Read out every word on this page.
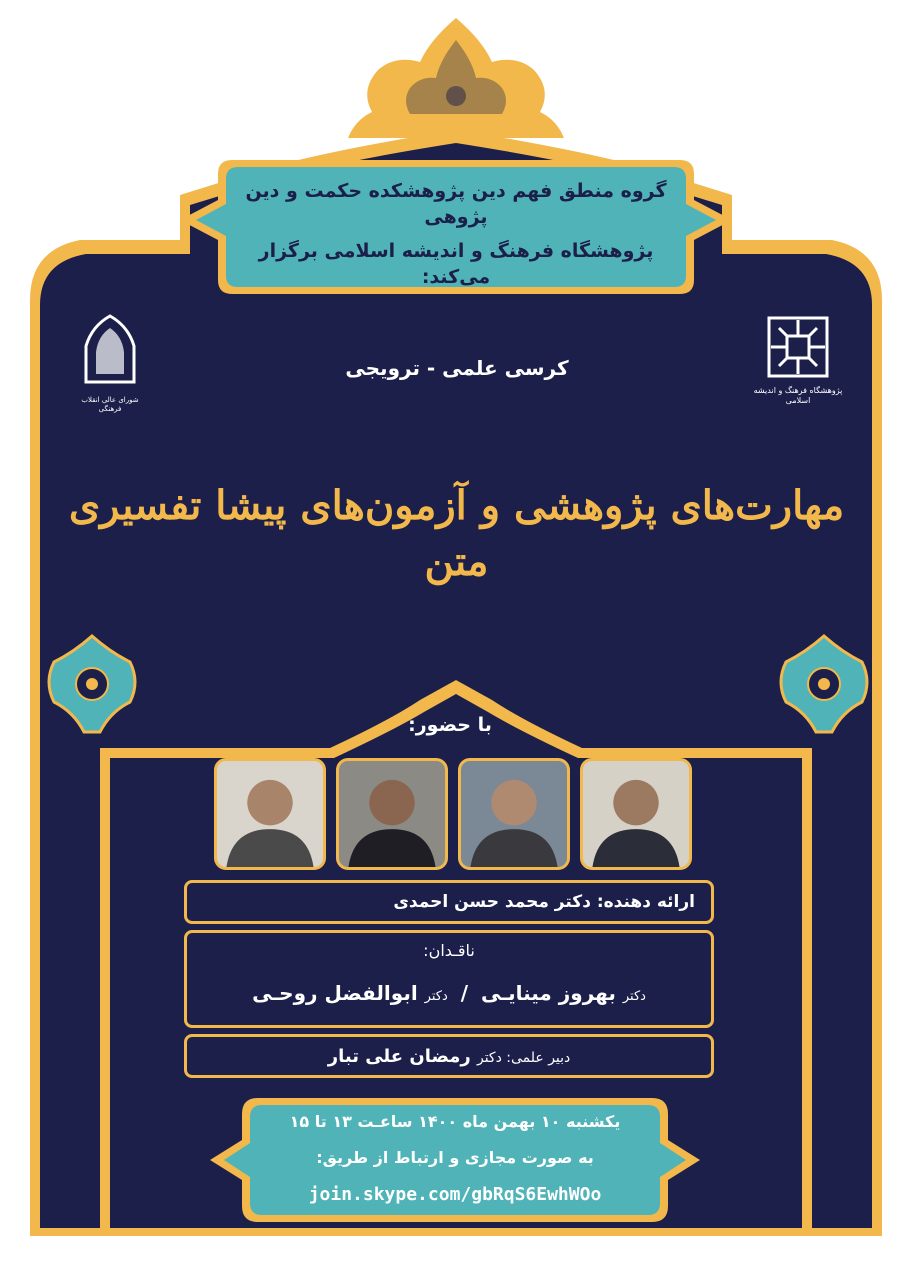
گروه منطق فهم دین پژوهشکده حکمت و دین پژوهی
پژوهشگاه فرهنگ و اندیشه اسلامی برگزار می‌کند:
شورای عالی انقلاب فرهنگی
پژوهشگاه فرهنگ و اندیشه اسلامی
کرسی علمی - ترویجی
مهارت‌های پژوهشی و آزمون‌های پیشا تفسیری متن
با حضور:
ارائه دهنده: دکتر محمد حسن احمدی
ناقـدان:
دکتر بهروز مینایـی / دکتر ابوالفضل روحـی
دبیر علمی: دکتر رمضان علی تبار
یکشنبه ۱۰ بهمن ماه ۱۴۰۰ ساعـت ۱۳ تا ۱۵
به صورت مجازی و ارتباط از طریق:
join.skype.com/gbRqS6EwhWOo
